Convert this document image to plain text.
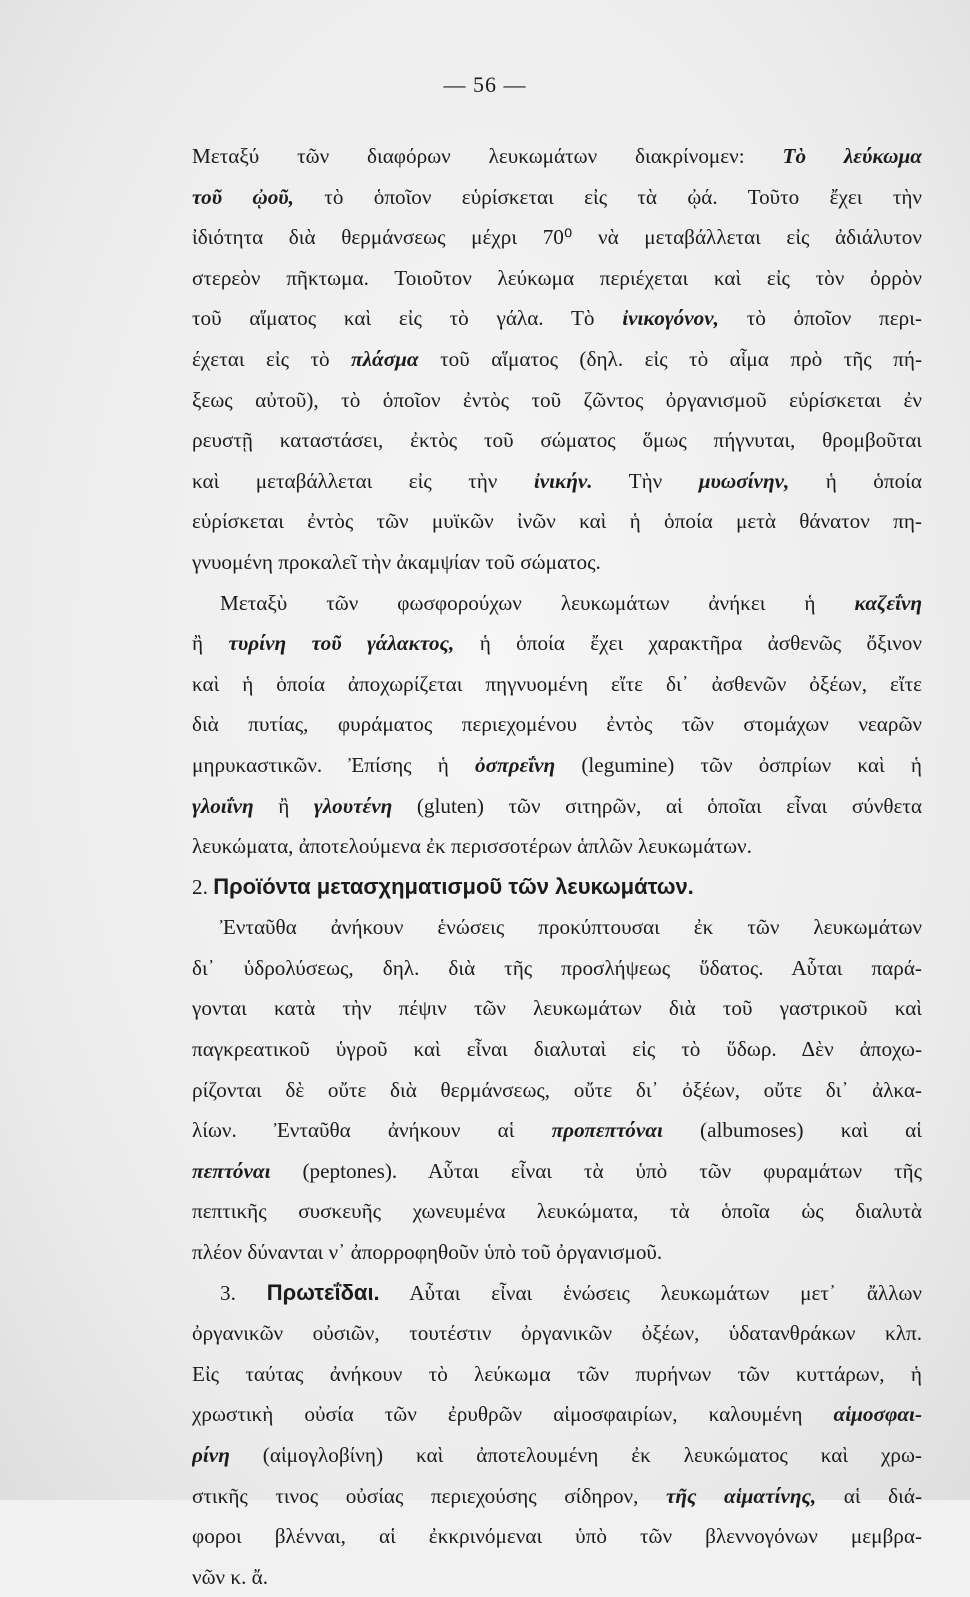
— 56 —
Μεταξύ τῶν διαφόρων λευκωμάτων διακρίνομεν: Τὸ λεύκωμα
τοῦ ᾠοῦ, τὸ ὁποῖον εὑρίσκεται εἰς τὰ ᾠά. Τοῦτο ἔχει τὴν
ἰδιότητα διὰ θερμάνσεως μέχρι 70⁰ νὰ μεταβάλλεται εἰς ἀδιάλυτον
στερεὸν πῆκτωμα. Τοιοῦτον λεύκωμα περιέχεται καὶ εἰς τὸν ὀρρὸν
τοῦ αἵματος καὶ εἰς τὸ γάλα. Τὸ ἰνικογόνον, τὸ ὁποῖον περι-
έχεται εἰς τὸ πλάσμα τοῦ αἵματος (δηλ. εἰς τὸ αἷμα πρὸ τῆς πή-
ξεως αὐτοῦ), τὸ ὁποῖον ἐντὸς τοῦ ζῶντος ὀργανισμοῦ εὑρίσκεται ἐν
ρευστῇ καταστάσει, ἐκτὸς τοῦ σώματος ὅμως πήγνυται, θρομβοῦται
καὶ μεταβάλλεται εἰς τὴν ἰνικήν. Τὴν μυωσίνην, ἡ ὁποία
εὑρίσκεται ἐντὸς τῶν μυϊκῶν ἰνῶν καὶ ἡ ὁποία μετὰ θάνατον πη-
γνυομένη προκαλεῖ τὴν ἀκαμψίαν τοῦ σώματος.
Μεταξὺ τῶν φωσφορούχων λευκωμάτων ἀνήκει ἡ καζεΐνη
ἢ τυρίνη τοῦ γάλακτος, ἡ ὁποία ἔχει χαρακτῆρα ἀσθενῶς ὄξινον
καὶ ἡ ὁποία ἀποχωρίζεται πηγνυομένη εἴτε δι᾽ ἀσθενῶν ὀξέων, εἴτε
διὰ πυτίας, φυράματος περιεχομένου ἐντὸς τῶν στομάχων νεαρῶν
μηρυκαστικῶν. Ἐπίσης ἡ ὀσπρεΐνη (legumine) τῶν ὀσπρίων καὶ ἡ
γλοιΐνη ἢ γλουτένη (gluten) τῶν σιτηρῶν, αἱ ὁποῖαι εἶναι σύνθετα
λευκώματα, ἀποτελούμενα ἐκ περισσοτέρων ἁπλῶν λευκωμάτων.
2. Προϊόντα μετασχηματισμοῦ τῶν λευκωμάτων.
Ἐνταῦθα ἀνήκουν ἑνώσεις προκύπτουσαι ἐκ τῶν λευκωμάτων
δι᾽ ὑδρολύσεως, δηλ. διὰ τῆς προσλήψεως ὕδατος. Αὗται παρά-
γονται κατὰ τὴν πέψιν τῶν λευκωμάτων διὰ τοῦ γαστρικοῦ καὶ
παγκρεατικοῦ ὑγροῦ καὶ εἶναι διαλυταὶ εἰς τὸ ὕδωρ. Δὲν ἀποχω-
ρίζονται δὲ οὔτε διὰ θερμάνσεως, οὔτε δι᾽ ὀξέων, οὔτε δι᾽ ἀλκα-
λίων. Ἐνταῦθα ἀνήκουν αἱ προπεπτόναι (albumoses) καὶ αἱ
πεπτόναι (peptones). Αὗται εἶναι τὰ ὑπὸ τῶν φυραμάτων τῆς
πεπτικῆς συσκευῆς χωνευμένα λευκώματα, τὰ ὁποῖα ὡς διαλυτὰ
πλέον δύνανται ν᾽ ἀπορροφηθοῦν ὑπὸ τοῦ ὀργανισμοῦ.
3. Πρωτεΐδαι. Αὗται εἶναι ἑνώσεις λευκωμάτων μετ᾽ ἄλλων
ὀργανικῶν οὐσιῶν, τουτέστιν ὀργανικῶν ὀξέων, ὑδατανθράκων κλπ.
Εἰς ταύτας ἀνήκουν τὸ λεύκωμα τῶν πυρήνων τῶν κυττάρων, ἡ
χρωστικὴ οὐσία τῶν ἐρυθρῶν αἱμοσφαιρίων, καλουμένη αἱμοσφαι-
ρίνη (αἱμογλοβίνη) καὶ ἀποτελουμένη ἐκ λευκώματος καὶ χρω-
στικῆς τινος οὐσίας περιεχούσης σίδηρον, τῆς αἱματίνης, αἱ διά-
φοροι βλένναι, αἱ ἐκκρινόμεναι ὑπὸ τῶν βλεννογόνων μεμβρα-
νῶν κ. ἄ.
